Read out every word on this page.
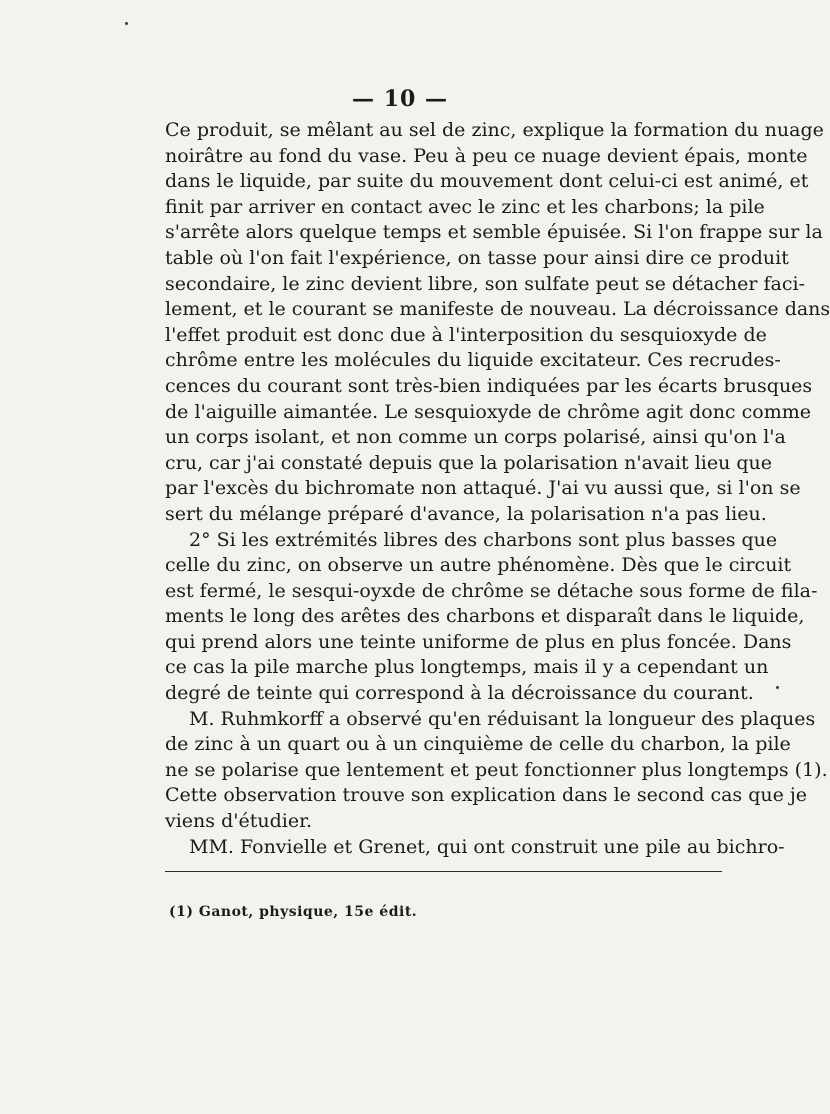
— 10 —
Ce produit, se mêlant au sel de zinc, explique la formation du nuage
noirâtre au fond du vase. Peu à peu ce nuage devient épais, monte
dans le liquide, par suite du mouvement dont celui-ci est animé, et
finit par arriver en contact avec le zinc et les charbons; la pile
s'arrête alors quelque temps et semble épuisée. Si l'on frappe sur la
table où l'on fait l'expérience, on tasse pour ainsi dire ce produit
secondaire, le zinc devient libre, son sulfate peut se détacher faci-
lement, et le courant se manifeste de nouveau. La décroissance dans
l'effet produit est donc due à l'interposition du sesquioxyde de
chrôme entre les molécules du liquide excitateur. Ces recrudes-
cences du courant sont très-bien indiquées par les écarts brusques
de l'aiguille aimantée. Le sesquioxyde de chrôme agit donc comme
un corps isolant, et non comme un corps polarisé, ainsi qu'on l'a
cru, car j'ai constaté depuis que la polarisation n'avait lieu que
par l'excès du bichromate non attaqué. J'ai vu aussi que, si l'on se
sert du mélange préparé d'avance, la polarisation n'a pas lieu.
2° Si les extrémités libres des charbons sont plus basses que
celle du zinc, on observe un autre phénomène. Dès que le circuit
est fermé, le sesqui-oyxde de chrôme se détache sous forme de fila-
ments le long des arêtes des charbons et disparaît dans le liquide,
qui prend alors une teinte uniforme de plus en plus foncée. Dans
ce cas la pile marche plus longtemps, mais il y a cependant un
degré de teinte qui correspond à la décroissance du courant.
M. Ruhmkorff a observé qu'en réduisant la longueur des plaques
de zinc à un quart ou à un cinquième de celle du charbon, la pile
ne se polarise que lentement et peut fonctionner plus longtemps (1).
Cette observation trouve son explication dans le second cas que je
viens d'étudier.
MM. Fonvielle et Grenet, qui ont construit une pile au bichro-
(1) Ganot, physique, 15e édit.
